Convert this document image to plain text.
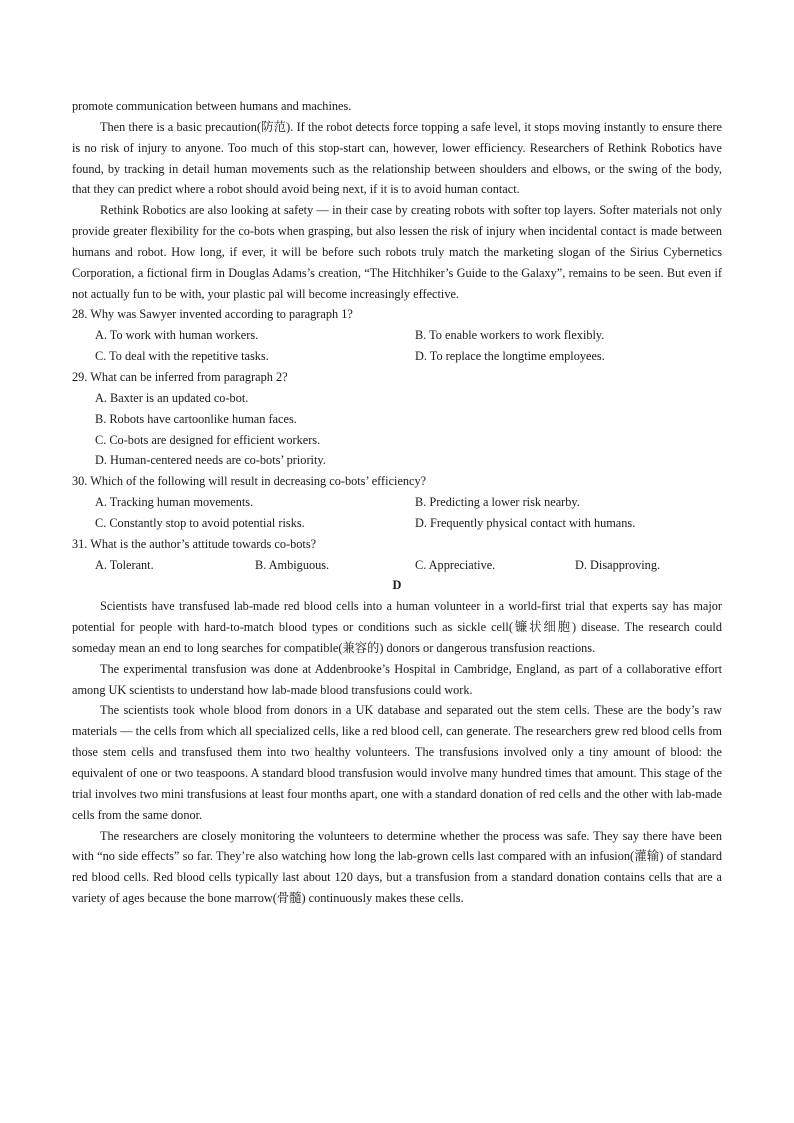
promote communication between humans and machines.

Then there is a basic precaution(防范). If the robot detects force topping a safe level, it stops moving instantly to ensure there is no risk of injury to anyone. Too much of this stop-start can, however, lower efficiency. Researchers of Rethink Robotics have found, by tracking in detail human movements such as the relationship between shoulders and elbows, or the swing of the body, that they can predict where a robot should avoid being next, if it is to avoid human contact.

Rethink Robotics are also looking at safety — in their case by creating robots with softer top layers. Softer materials not only provide greater flexibility for the co-bots when grasping, but also lessen the risk of injury when incidental contact is made between humans and robot. How long, if ever, it will be before such robots truly match the marketing slogan of the Sirius Cybernetics Corporation, a fictional firm in Douglas Adams’s creation, “The Hitchhiker’s Guide to the Galaxy”, remains to be seen. But even if not actually fun to be with, your plastic pal will become increasingly effective.

28. Why was Sawyer invented according to paragraph 1?

A. To work with human workers.	B. To enable workers to work flexibly.
C. To deal with the repetitive tasks.	D. To replace the longtime employees.

29. What can be inferred from paragraph 2?

A. Baxter is an updated co-bot.
B. Robots have cartoonlike human faces.
C. Co-bots are designed for efficient workers.
D. Human-centered needs are co-bots’ priority.

30. Which of the following will result in decreasing co-bots’ efficiency?

A. Tracking human movements.	B. Predicting a lower risk nearby.
C. Constantly stop to avoid potential risks.	D. Frequently physical contact with humans.

31. What is the author’s attitude towards co-bots?

A. Tolerant.	B. Ambiguous.	C. Appreciative.	D. Disapproving.

D

Scientists have transfused lab-made red blood cells into a human volunteer in a world-first trial that experts say has major potential for people with hard-to-match blood types or conditions such as sickle cell(镰状细胞) disease. The research could someday mean an end to long searches for compatible(兼容的) donors or dangerous transfusion reactions.

The experimental transfusion was done at Addenbrooke’s Hospital in Cambridge, England, as part of a collaborative effort among UK scientists to understand how lab-made blood transfusions could work.

The scientists took whole blood from donors in a UK database and separated out the stem cells. These are the body’s raw materials — the cells from which all specialized cells, like a red blood cell, can generate. The researchers grew red blood cells from those stem cells and transfused them into two healthy volunteers. The transfusions involved only a tiny amount of blood: the equivalent of one or two teaspoons. A standard blood transfusion would involve many hundred times that amount. This stage of the trial involves two mini transfusions at least four months apart, one with a standard donation of red cells and the other with lab-made cells from the same donor.

The researchers are closely monitoring the volunteers to determine whether the process was safe. They say there have been with “no side effects” so far. They’re also watching how long the lab-grown cells last compared with an infusion(灌输) of standard red blood cells. Red blood cells typically last about 120 days, but a transfusion from a standard donation contains cells that are a variety of ages because the bone marrow(骨髓) continuously makes these cells.
